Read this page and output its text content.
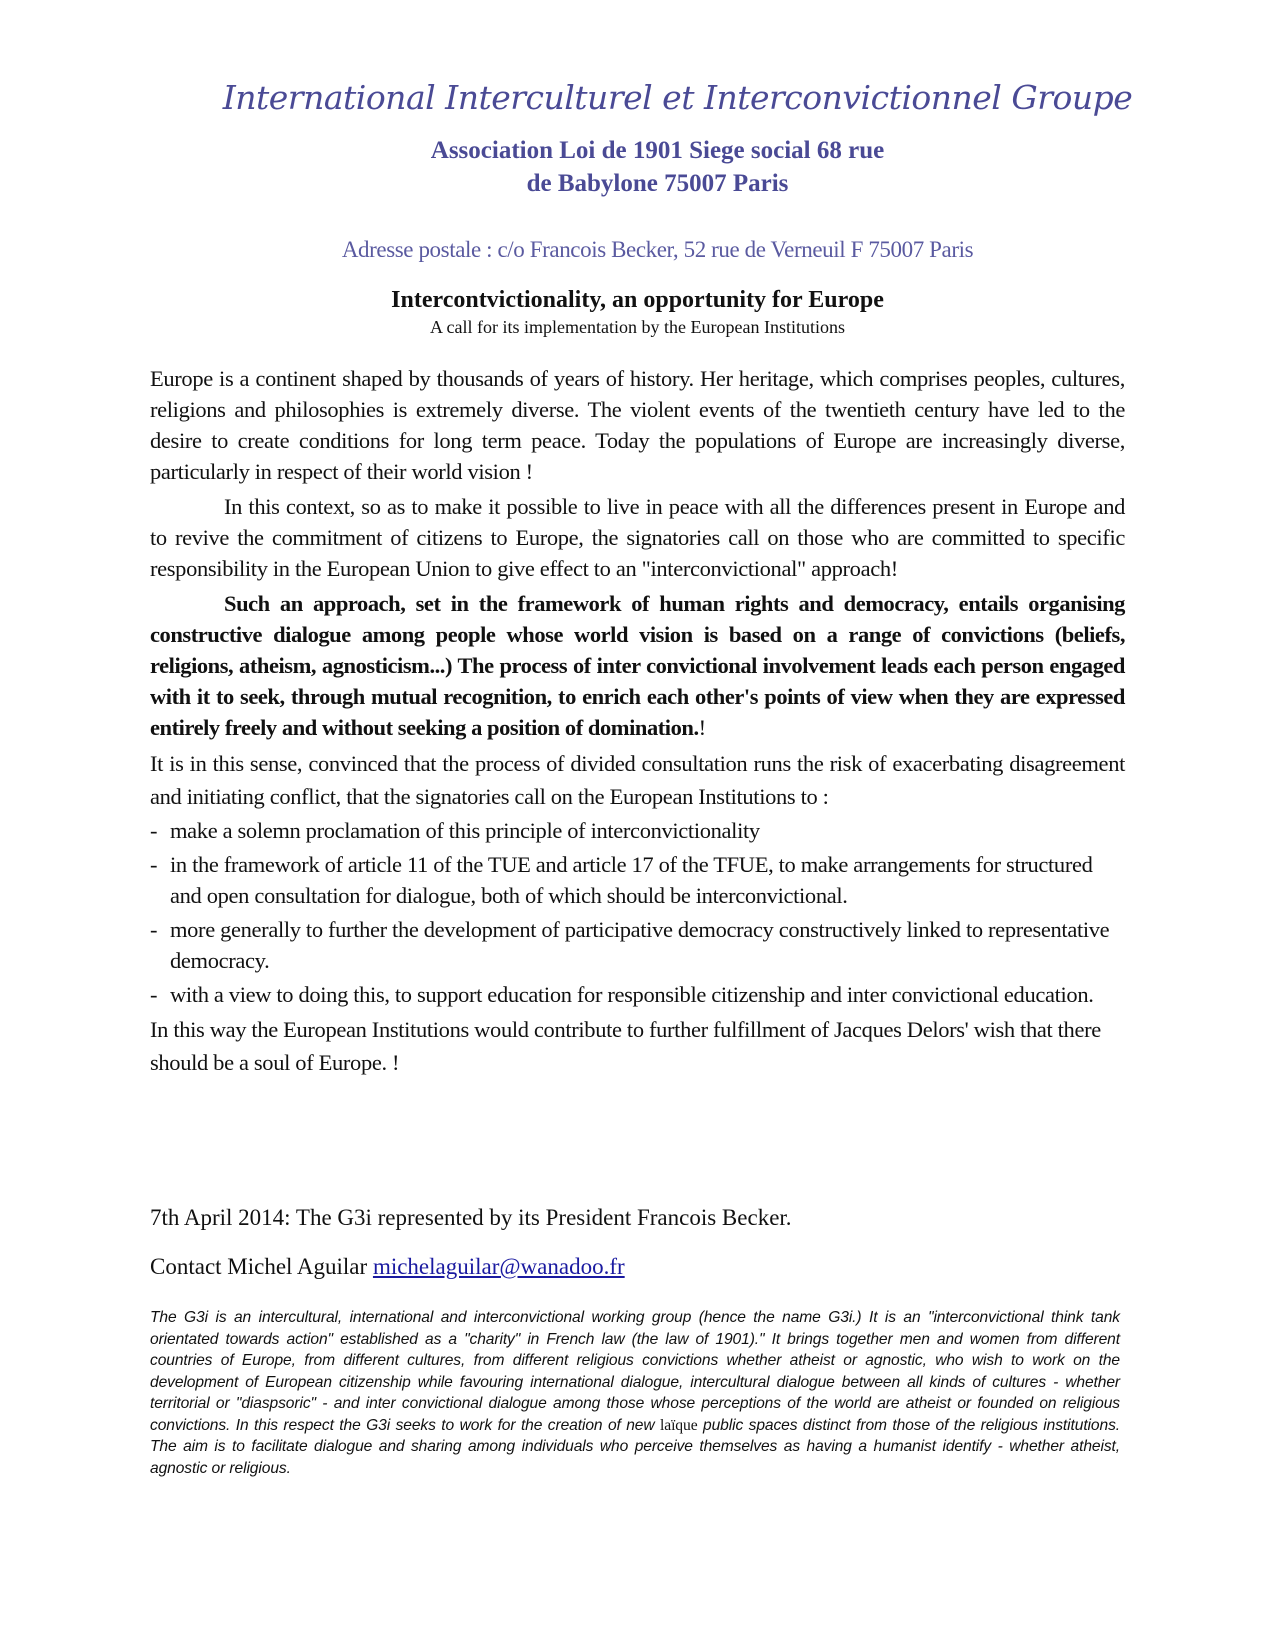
International Interculturel et Interconvictionnel Groupe

Association Loi de 1901 Siege social 68 rue

de Babylone 75007 Paris

Adresse postale : c/o Francois Becker, 52 rue de Verneuil F 75007 Paris

Intercontvictionality, an opportunity for Europe

A call for its implementation by the European Institutions

Europe is a continent shaped by thousands of years of history. Her heritage, which comprises peoples, cultures, religions and philosophies is extremely diverse. The violent events of the twentieth century have led to the desire to create conditions for long term peace. Today the populations of Europe are increasingly diverse, particularly in respect of their world vision !

In this context, so as to make it possible to live in peace with all the differences present in Europe and to revive the commitment of citizens to Europe, the signatories call on those who are committed to specific responsibility in the European Union to give effect to an "interconvictional" approach!

Such an approach, set in the framework of human rights and democracy, entails organising constructive dialogue among people whose world vision is based on a range of convictions (beliefs, religions, atheism, agnosticism...) The process of inter convictional involvement leads each person engaged with it to seek, through mutual recognition, to enrich each other's points of view when they are expressed entirely freely and without seeking a position of domination.!

It is in this sense, convinced that the process of divided consultation runs the risk of exacerbating disagreement and initiating conflict, that the signatories call on the European Institutions to :

- make a solemn proclamation of this principle of interconvictionality
- in the framework of article 11 of the TUE and article 17 of the TFUE, to make arrangements for structured and open consultation for dialogue, both of which should be interconvictional.
- more generally to further the development of participative democracy constructively linked to representative democracy.
- with a view to doing this, to support education for responsible citizenship and inter convictional education.

In this way the European Institutions would contribute to further fulfillment of Jacques Delors' wish that there should be a soul of Europe. !

7th April 2014: The G3i represented by its President Francois Becker.

Contact Michel Aguilar michelaguilar@wanadoo.fr

The G3i is an intercultural, international and interconvictional working group (hence the name G3i.) It is an "interconvictional think tank orientated towards action" established as a "charity" in French law (the law of 1901)." It brings together men and women from different countries of Europe, from different cultures, from different religious convictions whether atheist or agnostic, who wish to work on the development of European citizenship while favouring international dialogue, intercultural dialogue between all kinds of cultures - whether territorial or "diaspsoric" - and inter convictional dialogue among those whose perceptions of the world are atheist or founded on religious convictions. In this respect the G3i seeks to work for the creation of new laïque public spaces distinct from those of the religious institutions. The aim is to facilitate dialogue and sharing among individuals who perceive themselves as having a humanist identify - whether atheist, agnostic or religious.
